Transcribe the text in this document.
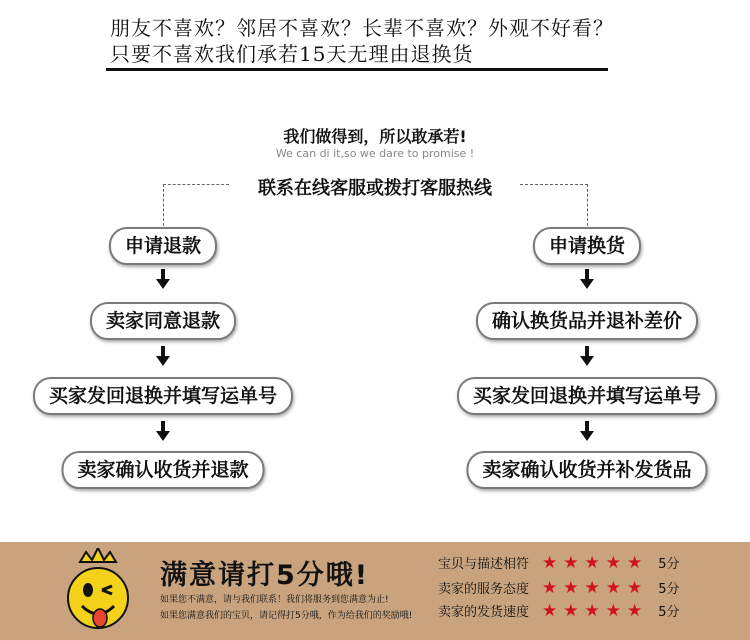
朋友不喜欢？邻居不喜欢？长辈不喜欢？外观不好看？
只要不喜欢我们承若15天无理由退换货
我们做得到，所以敢承若!
We can di it,so we dare to promise !
联系在线客服或拨打客服热线
申请退款
卖家同意退款
买家发回退换并填写运单号
卖家确认收货并退款
申请换货
确认换货品并退补差价
买家发回退换并填写运单号
卖家确认收货并补发货品
满意请打5分哦!
如果您不满意，请与我们联系！我们将服务到您满意为止!
如果您满意我们的宝贝，请记得打5分哦，作为给我们的奖励哦!
宝贝与描述相符 ★★★★★ 5分
卖家的服务态度 ★★★★★ 5分
卖家的发货速度 ★★★★★ 5分
